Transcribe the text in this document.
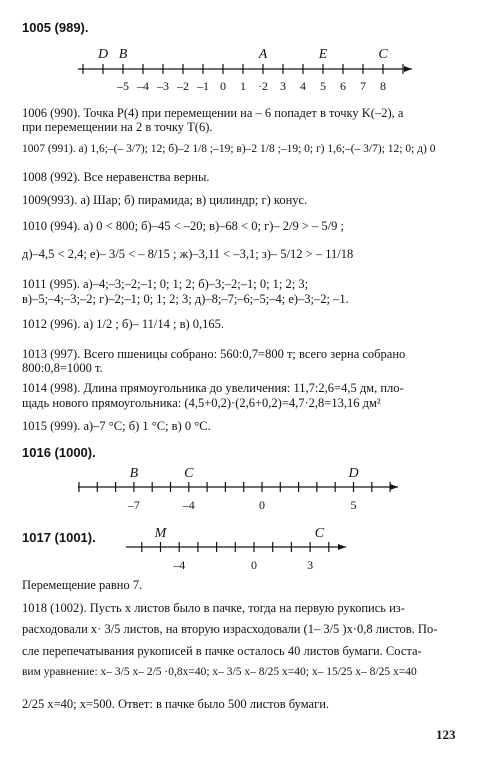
1005 (989).
–5 –4 –3 –2 –1 0 1 ·2 3 4 5 6 7 8
D B	A	E	C
–7	–4	0	5
B	C	D
–4	0	3
M	C
1006 (990). Точка P(4) при перемещении на – 6 попадет в точку K(–2), а
при перемещении на 2 в точку T(6).
1007 (991). а) 1,6;–(– 3/7); 12; б)–2 1/8 ;–19; в)–2 1/8 ;–19; 0; г) 1,6;–(– 3/7); 12; 0; д) 0
1008 (992). Все неравенства верны.
1009(993). а) Шар; б) пирамида; в) цилиндр; г) конус.
1010 (994). а) 0 < 800; б)–45 < –20; в)–68 < 0; г)– 2/9 > – 5/9 ;
д)–4,5 < 2,4; е)– 3/5 < – 8/15 ; ж)–3,11 < –3,1; з)– 5/12 > – 11/18
1011 (995). а)–4;–3;–2;–1; 0; 1; 2; б)–3;–2;–1; 0; 1; 2; 3;
в)–5;–4;–3;–2; г)–2;–1; 0; 1; 2; 3; д)–8;–7;–6;–5;–4; е)–3;–2; –1.
1012 (996). а) 1/2 ; б)– 11/14 ; в) 0,165.
1013 (997). Всего пшеницы собрано: 560:0,7=800 т; всего зерна собрано
800:0,8=1000 т.
1014 (998). Длина прямоугольника до увеличения: 11,7:2,6=4,5 дм, пло-
щадь нового прямоугольника: (4,5+0,2)·(2,6+0,2)=4,7·2,8=13,16 дм²
1015 (999). а)–7 °С; б) 1 °С; в) 0 °С.
1016 (1000).
1017 (1001).
Перемещение равно 7.
1018 (1002). Пусть x листов было в пачке, тогда на первую рукопись из-
расходовали x· 3/5 листов, на вторую израсходовали (1– 3/5 )x·0,8 листов. По-
сле перепечатывания рукописей в пачке осталось 40 листов бумаги. Соста-
вим уравнение: x– 3/5 x– 2/5 ·0,8x=40; x– 3/5 x– 8/25 x=40; x– 15/25 x– 8/25 x=40
2/25 x=40; x=500. Ответ: в пачке было 500 листов бумаги.
123
